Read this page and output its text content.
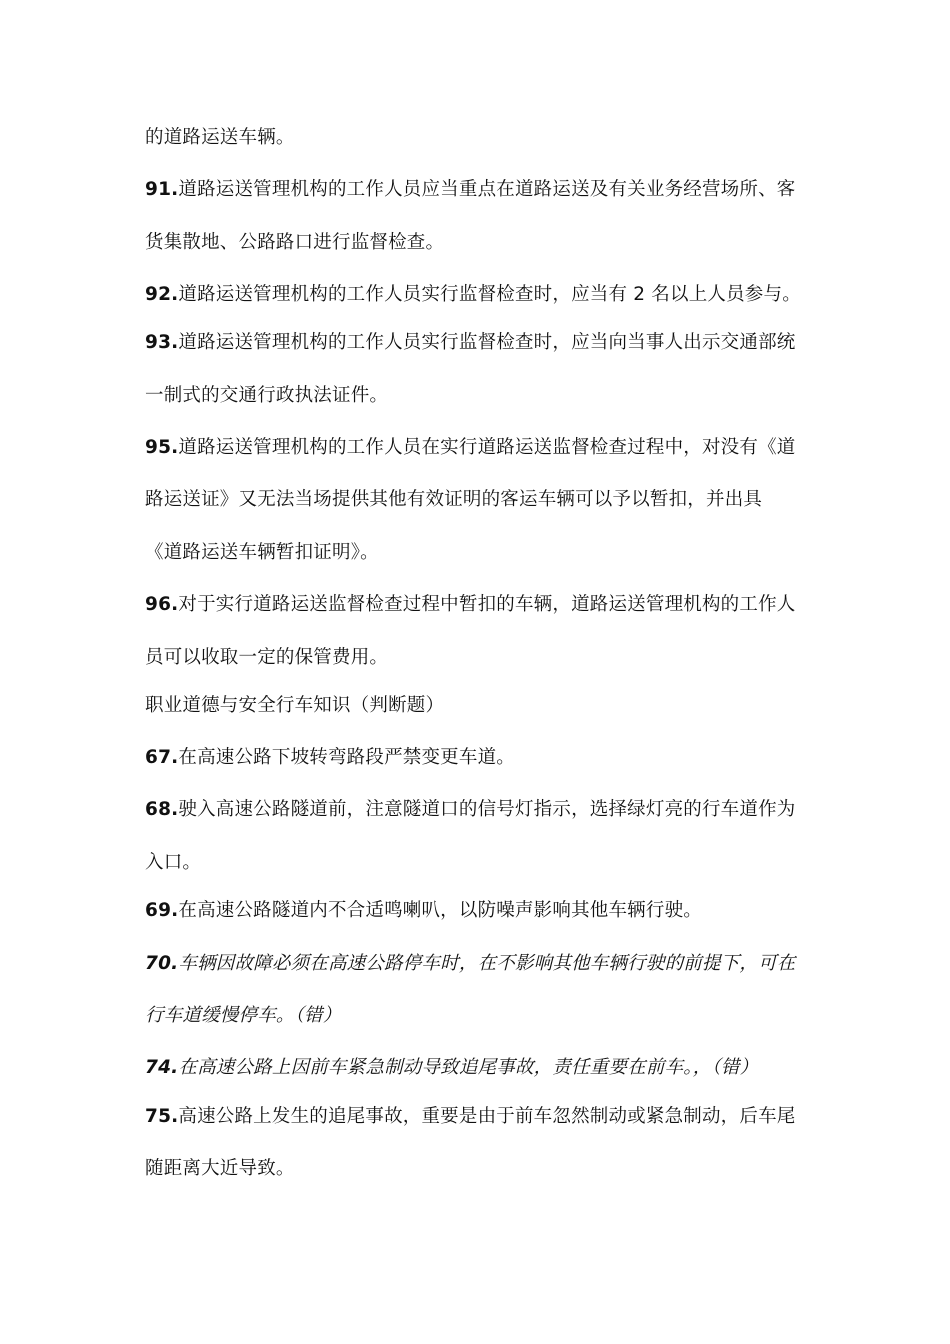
的道路运送车辆。
91.道路运送管理机构的工作人员应当重点在道路运送及有关业务经营场所、客
货集散地、公路路口进行监督检查。
92.道路运送管理机构的工作人员实行监督检查时，应当有 2 名以上人员参与。
93.道路运送管理机构的工作人员实行监督检查时，应当向当事人出示交通部统
一制式的交通行政执法证件。
95.道路运送管理机构的工作人员在实行道路运送监督检查过程中，对没有《道
路运送证》又无法当场提供其他有效证明的客运车辆可以予以暂扣，并出具
《道路运送车辆暂扣证明》。
96.对于实行道路运送监督检查过程中暂扣的车辆，道路运送管理机构的工作人
员可以收取一定的保管费用。
职业道德与安全行车知识（判断题）
67.在高速公路下坡转弯路段严禁变更车道。
68.驶入高速公路隧道前，注意隧道口的信号灯指示，选择绿灯亮的行车道作为
入口。
69.在高速公路隧道内不合适鸣喇叭，以防噪声影响其他车辆行驶。
70.车辆因故障必须在高速公路停车时，在不影响其他车辆行驶的前提下，可在
行车道缓慢停车。（错）
74.在高速公路上因前车紧急制动导致追尾事故，责任重要在前车。，（错）
75.高速公路上发生的追尾事故，重要是由于前车忽然制动或紧急制动，后车尾
随距离大近导致。
